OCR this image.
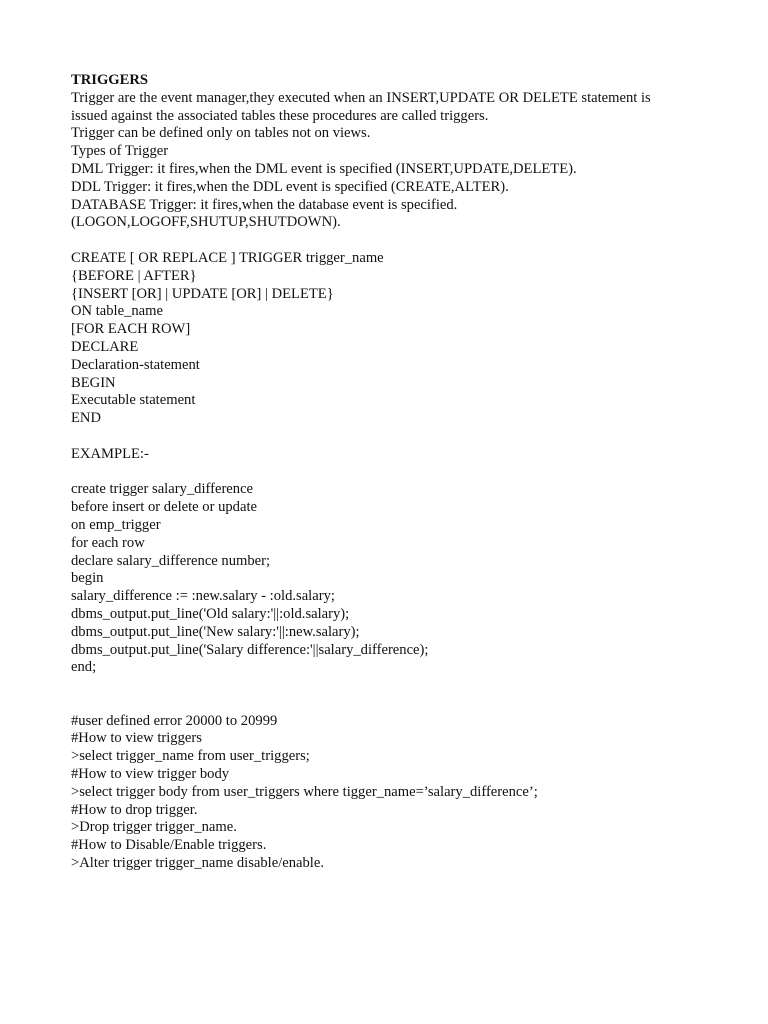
TRIGGERS
Trigger are the event manager,they executed when an INSERT,UPDATE OR DELETE statement is
issued against the associated tables these procedures are called triggers.
Trigger can be defined only on tables not on views.
Types of Trigger
DML Trigger: it fires,when the DML event is specified (INSERT,UPDATE,DELETE).
DDL Trigger: it fires,when the DDL event is specified (CREATE,ALTER).
DATABASE Trigger: it fires,when the database event is specified.
(LOGON,LOGOFF,SHUTUP,SHUTDOWN).
CREATE [ OR REPLACE ] TRIGGER trigger_name
{BEFORE | AFTER}
{INSERT [OR] | UPDATE [OR] | DELETE}
ON table_name
[FOR EACH ROW]
DECLARE
Declaration-statement
BEGIN
Executable statement
END
EXAMPLE:-
create trigger salary_difference
before insert or delete or update
on emp_trigger
for each row
declare salary_difference number;
begin
salary_difference := :new.salary - :old.salary;
dbms_output.put_line('Old salary:'||:old.salary);
dbms_output.put_line('New salary:'||:new.salary);
dbms_output.put_line('Salary difference:'||salary_difference);
end;
#user defined error 20000 to 20999
#How to view triggers
>select trigger_name from user_triggers;
#How to view trigger body
>select trigger body from user_triggers where tigger_name=’salary_difference’;
#How to drop trigger.
>Drop trigger trigger_name.
#How to Disable/Enable triggers.
>Alter trigger trigger_name disable/enable.
